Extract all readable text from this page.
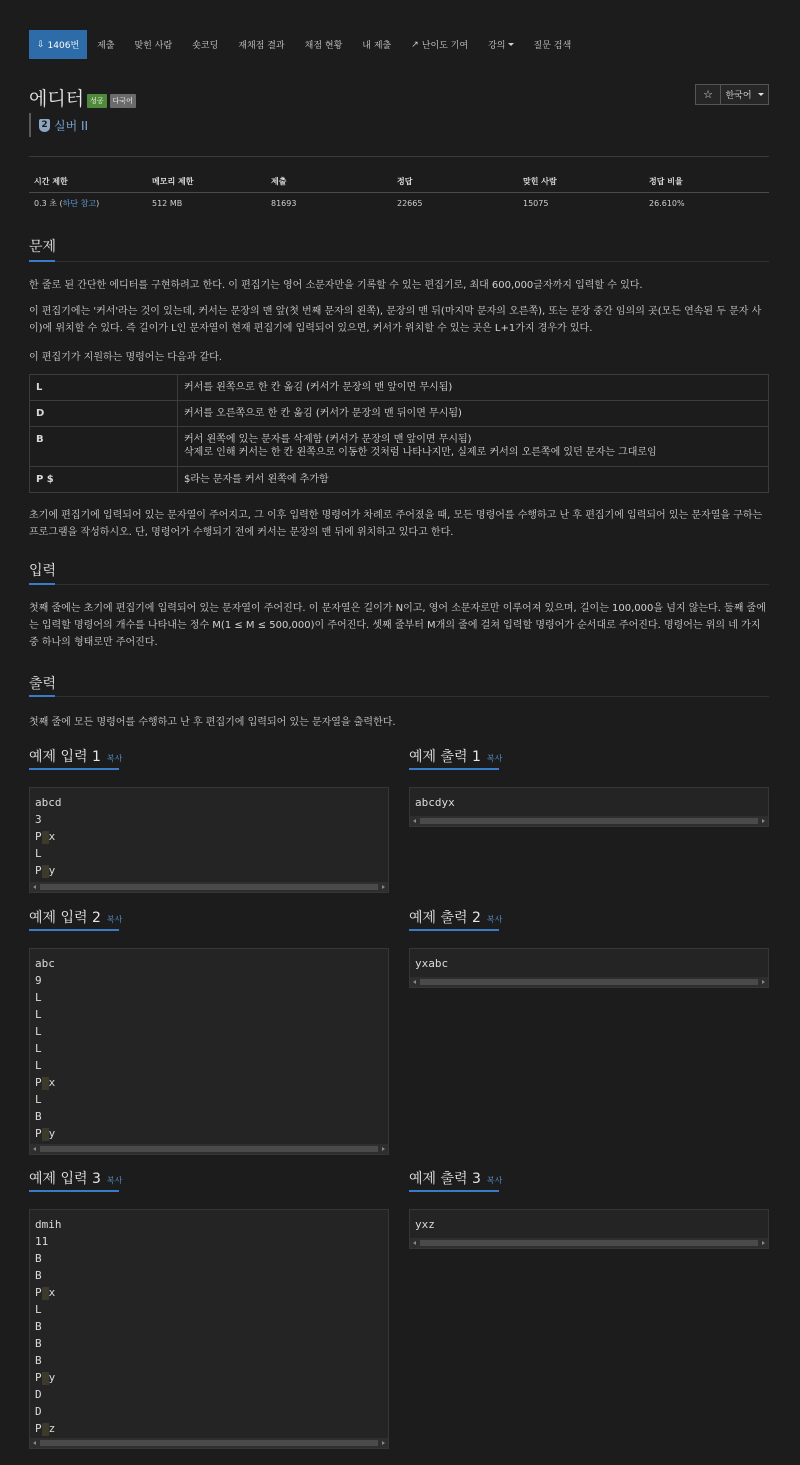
⇩ 1406번 제출 맞힌 사람 숏코딩 재채점 결과 채점 현황 내 제출 ↗ 난이도 기여 강의	질문 검색
에디터 성공	다국어
2 실버 II
☆ 한국어
시간 제한	메모리 제한	제출	정답	맞힌 사람	정답 비율
0.3 초 (하단 참고)	512 MB	81693	22665	15075	26.610%
문제
한 줄로 된 간단한 에디터를 구현하려고 한다. 이 편집기는 영어 소문자만을 기록할 수 있는 편집기로, 최대 600,000글자까지 입력할 수 있다.
이 편집기에는 '커서'라는 것이 있는데, 커서는 문장의 맨 앞(첫 번째 문자의 왼쪽), 문장의 맨 뒤(마지막 문자의 오른쪽), 또는 문장 중간 임의의 곳(모든 연속된 두 문자 사이)에 위치할 수 있다. 즉 길이가 L인 문자열이 현재 편집기에 입력되어 있으면, 커서가 위치할 수 있는 곳은 L+1가지 경우가 있다.
이 편집기가 지원하는 명령어는 다음과 같다.
L	커서를 왼쪽으로 한 칸 옮김 (커서가 문장의 맨 앞이면 무시됨)
D	커서를 오른쪽으로 한 칸 옮김 (커서가 문장의 맨 뒤이면 무시됨)
B	커서 왼쪽에 있는 문자를 삭제함 (커서가 문장의 맨 앞이면 무시됨)
삭제로 인해 커서는 한 칸 왼쪽으로 이동한 것처럼 나타나지만, 실제로 커서의 오른쪽에 있던 문자는 그대로임

P $	$라는 문자를 커서 왼쪽에 추가함
초기에 편집기에 입력되어 있는 문자열이 주어지고, 그 이후 입력한 명령어가 차례로 주어졌을 때, 모든 명령어를 수행하고 난 후 편집기에 입력되어 있는 문자열을 구하는 프로그램을 작성하시오. 단, 명령어가 수행되기 전에 커서는 문장의 맨 뒤에 위치하고 있다고 한다.
입력
첫째 줄에는 초기에 편집기에 입력되어 있는 문자열이 주어진다. 이 문자열은 길이가 N이고, 영어 소문자로만 이루어져 있으며, 길이는 100,000을 넘지 않는다. 둘째 줄에는 입력할 명령어의 개수를 나타내는 정수 M(1 ≤ M ≤ 500,000)이 주어진다. 셋째 줄부터 M개의 줄에 걸쳐 입력할 명령어가 순서대로 주어진다. 명령어는 위의 네 가지 중 하나의 형태로만 주어진다.
출력
첫째 줄에 모든 명령어를 수행하고 난 후 편집기에 입력되어 있는 문자열을 출력한다.
예제 입력 1 복사	예제 출력 1 복사
abcd
3
P x
L
P y
abcdyx
예제 입력 2 복사	예제 출력 2 복사
abc
9
L
L
L
L
L
P x
L
B
P y
yxabc
예제 입력 3 복사	예제 출력 3 복사
dmih
11
B
B
P x
L
B
B
B
P y
D
D
P z
yxz
